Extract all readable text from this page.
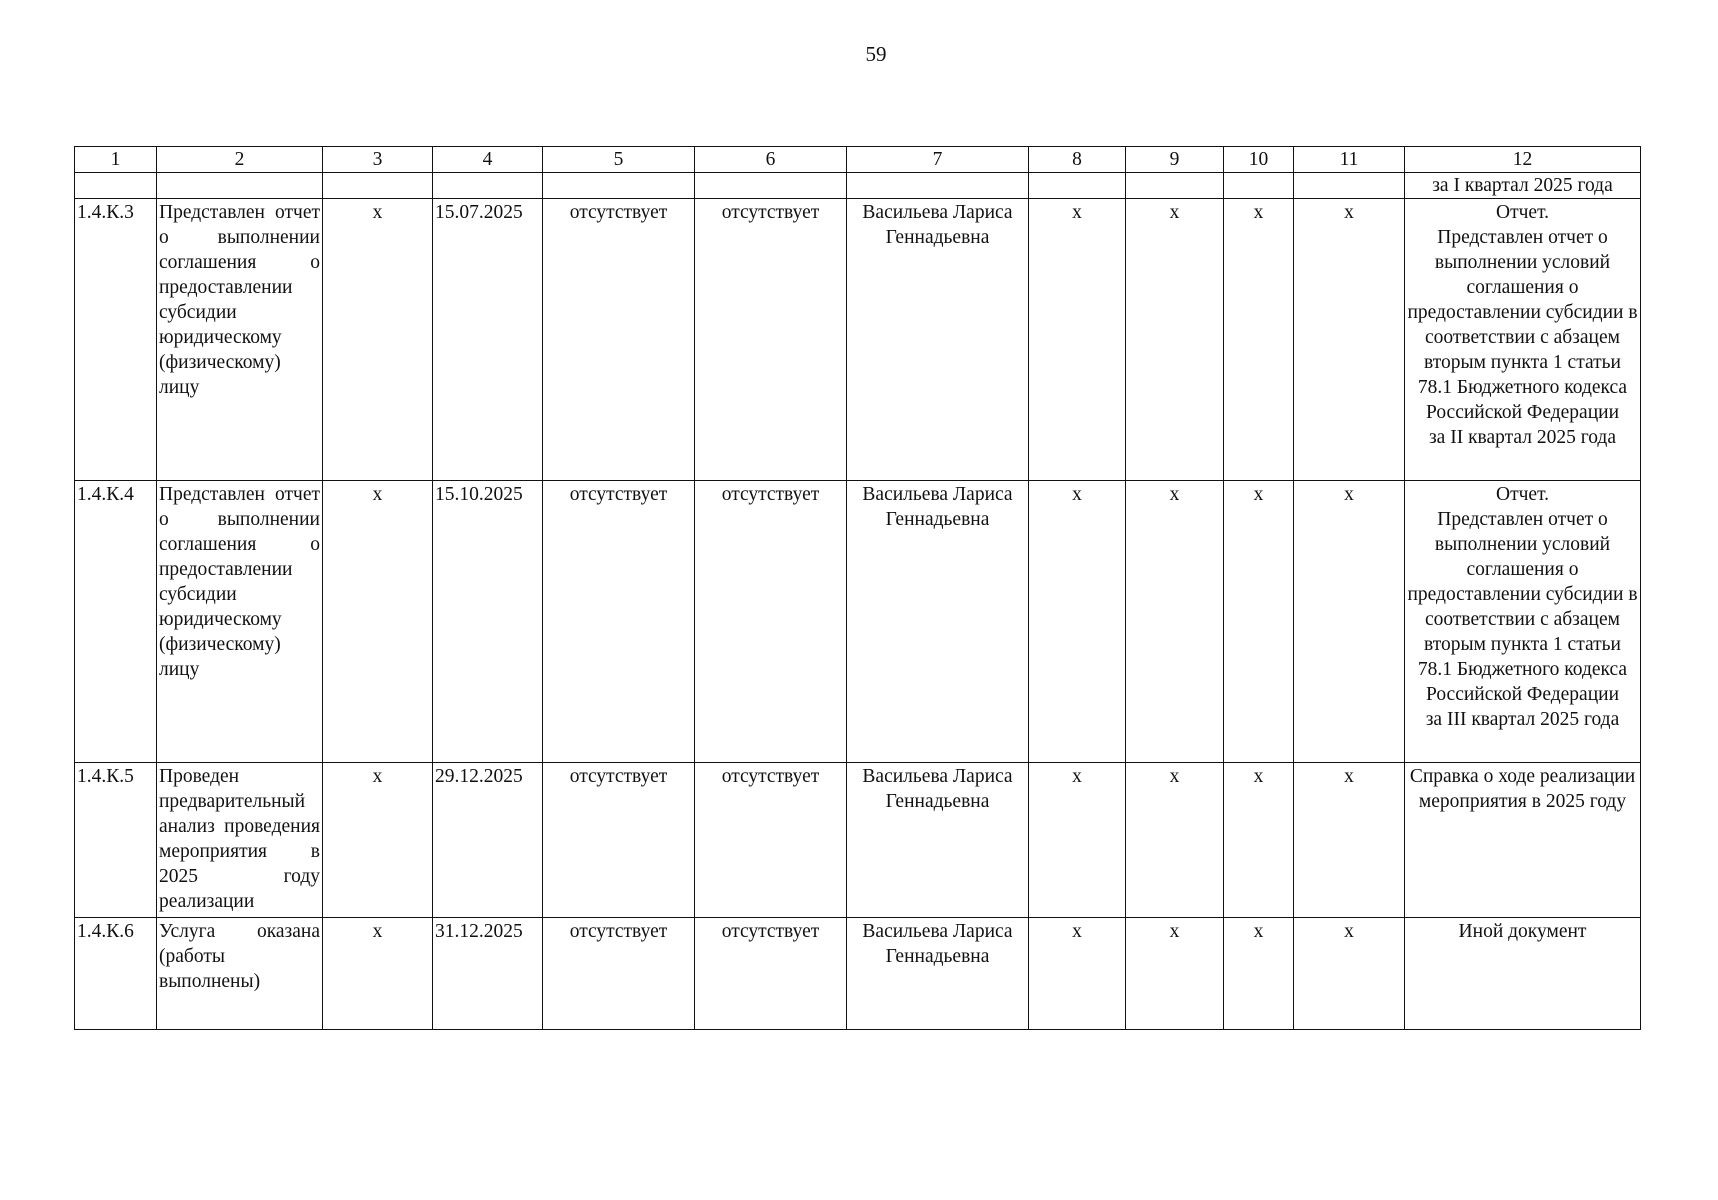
59
1	2	3	4	5	6	7	8	9	10	11	12
											за I квартал 2025 года
1.4.К.3	Представлен отчет о выполнении соглашения о предоставлении субсидии юридическому (физическому) лицу	х	15.07.2025	отсутствует	отсутствует	Васильева Лариса Геннадьевна	х	х	х	х	Отчет.
Представлен отчет о выполнении условий соглашения о предоставлении субсидии в соответствии с абзацем вторым пункта 1 статьи 78.1 Бюджетного кодекса Российской Федерации
за II квартал 2025 года

1.4.К.4	Представлен отчет о выполнении соглашения о предоставлении субсидии юридическому (физическому) лицу	х	15.10.2025	отсутствует	отсутствует	Васильева Лариса Геннадьевна	х	х	х	х	Отчет.
Представлен отчет о выполнении условий соглашения о предоставлении субсидии в соответствии с абзацем вторым пункта 1 статьи 78.1 Бюджетного кодекса Российской Федерации
за III квартал 2025 года

1.4.К.5	Проведен предварительный анализ проведения мероприятия в 2025 году реализации	х	29.12.2025	отсутствует	отсутствует	Васильева Лариса Геннадьевна	х	х	х	х	Справка о ходе реализации мероприятия в 2025 году

1.4.К.6	Услуга оказана (работы выполнены)	х	31.12.2025	отсутствует	отсутствует	Васильева Лариса Геннадьевна	х	х	х	х	Иной документ
